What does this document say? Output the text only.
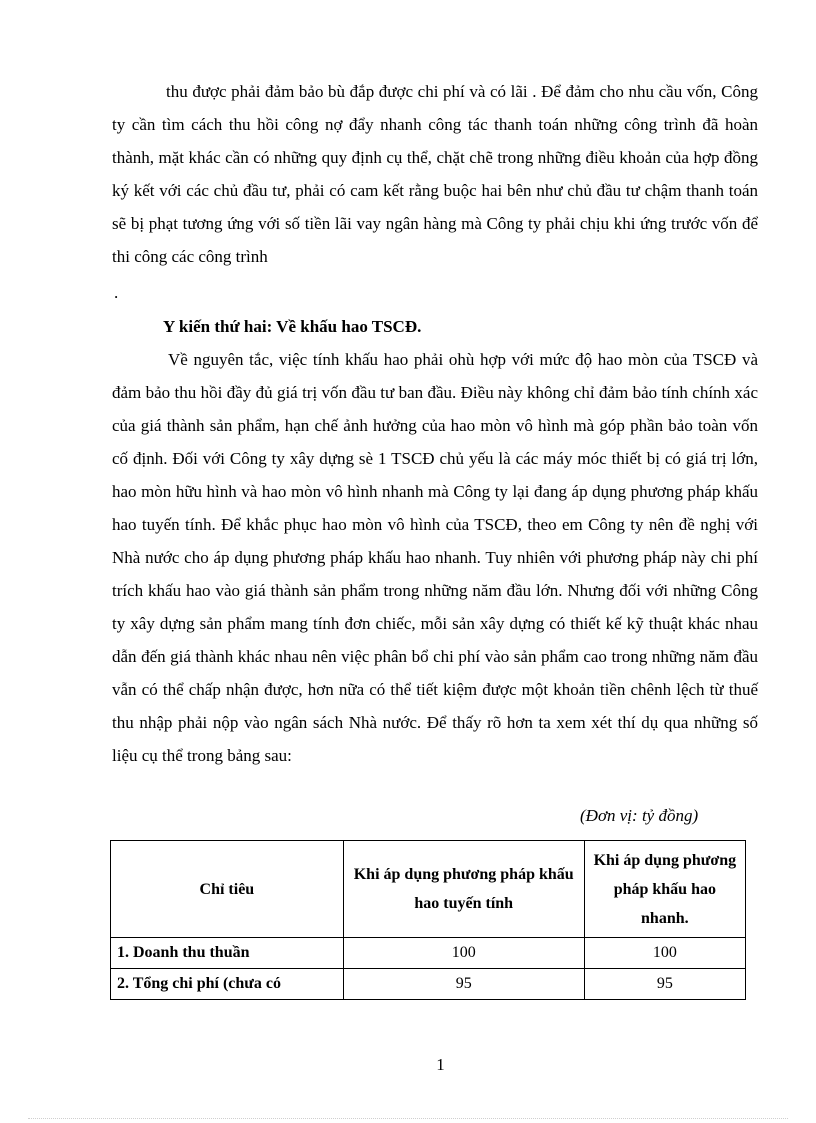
thu được phải đảm bảo bù đắp được chi phí và có lãi . Để đảm cho nhu cầu vốn, Công ty cần tìm cách thu hồi công nợ đẩy nhanh công tác thanh toán những công trình đã hoàn thành, mặt khác cần có những quy định cụ thể, chặt chẽ trong những điều khoản của hợp đồng ký kết với các chủ đầu tư, phải có cam kết rằng buộc hai bên như chủ đầu tư chậm thanh toán sẽ bị phạt tương ứng với số tiền lãi vay ngân hàng mà Công ty phải chịu khi ứng trước vốn để thi công các công trình

.
Y kiến thứ hai: Về khấu hao TSCĐ.

Về nguyên tắc, việc tính khấu hao phải ohù hợp với mức độ hao mòn của TSCĐ và đảm bảo thu hồi đầy đủ giá trị vốn đầu tư ban đầu. Điều này không chỉ đảm bảo tính chính xác của giá thành sản phẩm, hạn chế ảnh hưởng của hao mòn vô hình mà góp phần bảo toàn vốn cố định. Đối với Công ty xây dựng sè 1 TSCĐ chủ yếu là các máy móc thiết bị có giá trị lớn, hao mòn hữu hình và hao mòn vô hình nhanh mà Công ty lại đang áp dụng phương pháp khấu hao tuyến tính. Để khắc phục hao mòn vô hình của TSCĐ, theo em Công ty nên đề nghị với Nhà nước cho áp dụng phương pháp khấu hao nhanh. Tuy nhiên với phương pháp này chi phí trích khấu hao vào giá thành sản phẩm trong những năm đầu lớn. Nhưng đối với những Công ty xây dựng sản phẩm mang tính đơn chiếc, mỗi sản xây dựng có thiết kế kỹ thuật khác nhau dẫn đến giá thành khác nhau nên việc phân bổ chi phí vào sản phẩm cao trong những năm đầu vẫn có thể chấp nhận được, hơn nữa có thể tiết kiệm được một khoản tiền chênh lệch từ thuế thu nhập phải nộp vào ngân sách Nhà nước. Để thấy rõ hơn ta xem xét thí dụ qua những số liệu cụ thể trong bảng sau:

(Đơn vị: tỷ đồng)
Chỉ tiêu	Khi áp dụng phương pháp khấu hao tuyến tính	Khi áp dụng phương pháp khấu hao nhanh.
1. Doanh thu thuần	100	100
2. Tổng chi phí (chưa có	95	95
1
